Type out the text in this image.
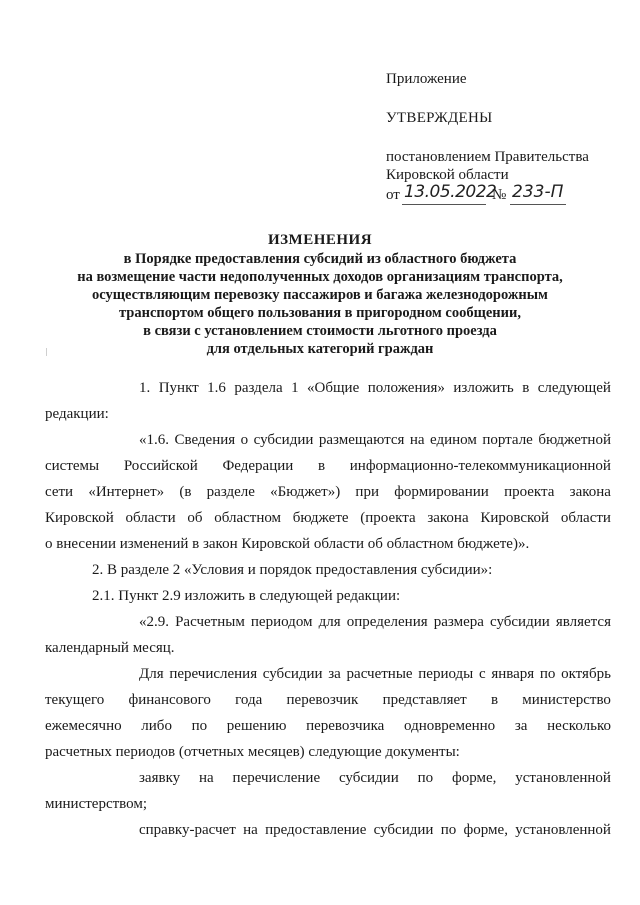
Приложение
УТВЕРЖДЕНЫ
постановлением Правительства
Кировской области
от 13.05.2022
№ 233-П
ИЗМЕНЕНИЯ
в Порядке предоставления субсидий из областного бюджета
на возмещение части недополученных доходов организациям транспорта,
осуществляющим перевозку пассажиров и багажа железнодорожным
транспортом общего пользования в пригородном сообщении,
в связи с установлением стоимости льготного проезда
для отдельных категорий граждан
1. Пункт 1.6 раздела 1 «Общие положения» изложить в следующей
редакции:
«1.6. Сведения о субсидии размещаются на едином портале бюджетной
системы Российской Федерации в информационно-телекоммуникационной
сети «Интернет» (в разделе «Бюджет») при формировании проекта закона
Кировской области об областном бюджете (проекта закона Кировской области
о внесении изменений в закон Кировской области об областном бюджете)».
2. В разделе 2 «Условия и порядок предоставления субсидии»:
2.1. Пункт 2.9 изложить в следующей редакции:
«2.9. Расчетным периодом для определения размера субсидии является
календарный месяц.
Для перечисления субсидии за расчетные периоды с января по октябрь
текущего финансового года перевозчик представляет в министерство
ежемесячно либо по решению перевозчика одновременно за несколько
расчетных периодов (отчетных месяцев) следующие документы:
заявку на перечисление субсидии по форме, установленной
министерством;
справку-расчет на предоставление субсидии по форме, установленной
